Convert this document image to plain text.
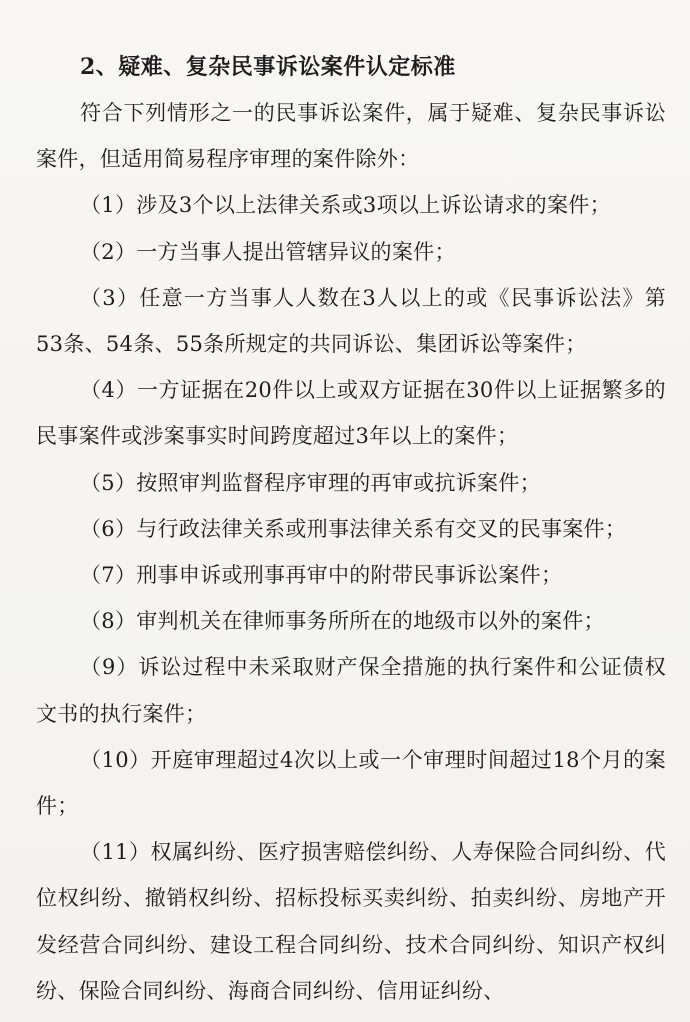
2、疑难、复杂民事诉讼案件认定标准

符合下列情形之一的民事诉讼案件，属于疑难、复杂民事诉讼案件，但适用简易程序审理的案件除外：

（1）涉及3个以上法律关系或3项以上诉讼请求的案件；

（2）一方当事人提出管辖异议的案件；

（3）任意一方当事人人数在3人以上的或《民事诉讼法》第53条、54条、55条所规定的共同诉讼、集团诉讼等案件；

（4）一方证据在20件以上或双方证据在30件以上证据繁多的民事案件或涉案事实时间跨度超过3年以上的案件；

（5）按照审判监督程序审理的再审或抗诉案件；

（6）与行政法律关系或刑事法律关系有交叉的民事案件；

（7）刑事申诉或刑事再审中的附带民事诉讼案件；

（8）审判机关在律师事务所所在的地级市以外的案件；

（9）诉讼过程中未采取财产保全措施的执行案件和公证债权文书的执行案件；

（10）开庭审理超过4次以上或一个审理时间超过18个月的案件；

（11）权属纠纷、医疗损害赔偿纠纷、人寿保险合同纠纷、代位权纠纷、撤销权纠纷、招标投标买卖纠纷、拍卖纠纷、房地产开发经营合同纠纷、建设工程合同纠纷、技术合同纠纷、知识产权纠纷、保险合同纠纷、海商合同纠纷、信用证纠纷、
